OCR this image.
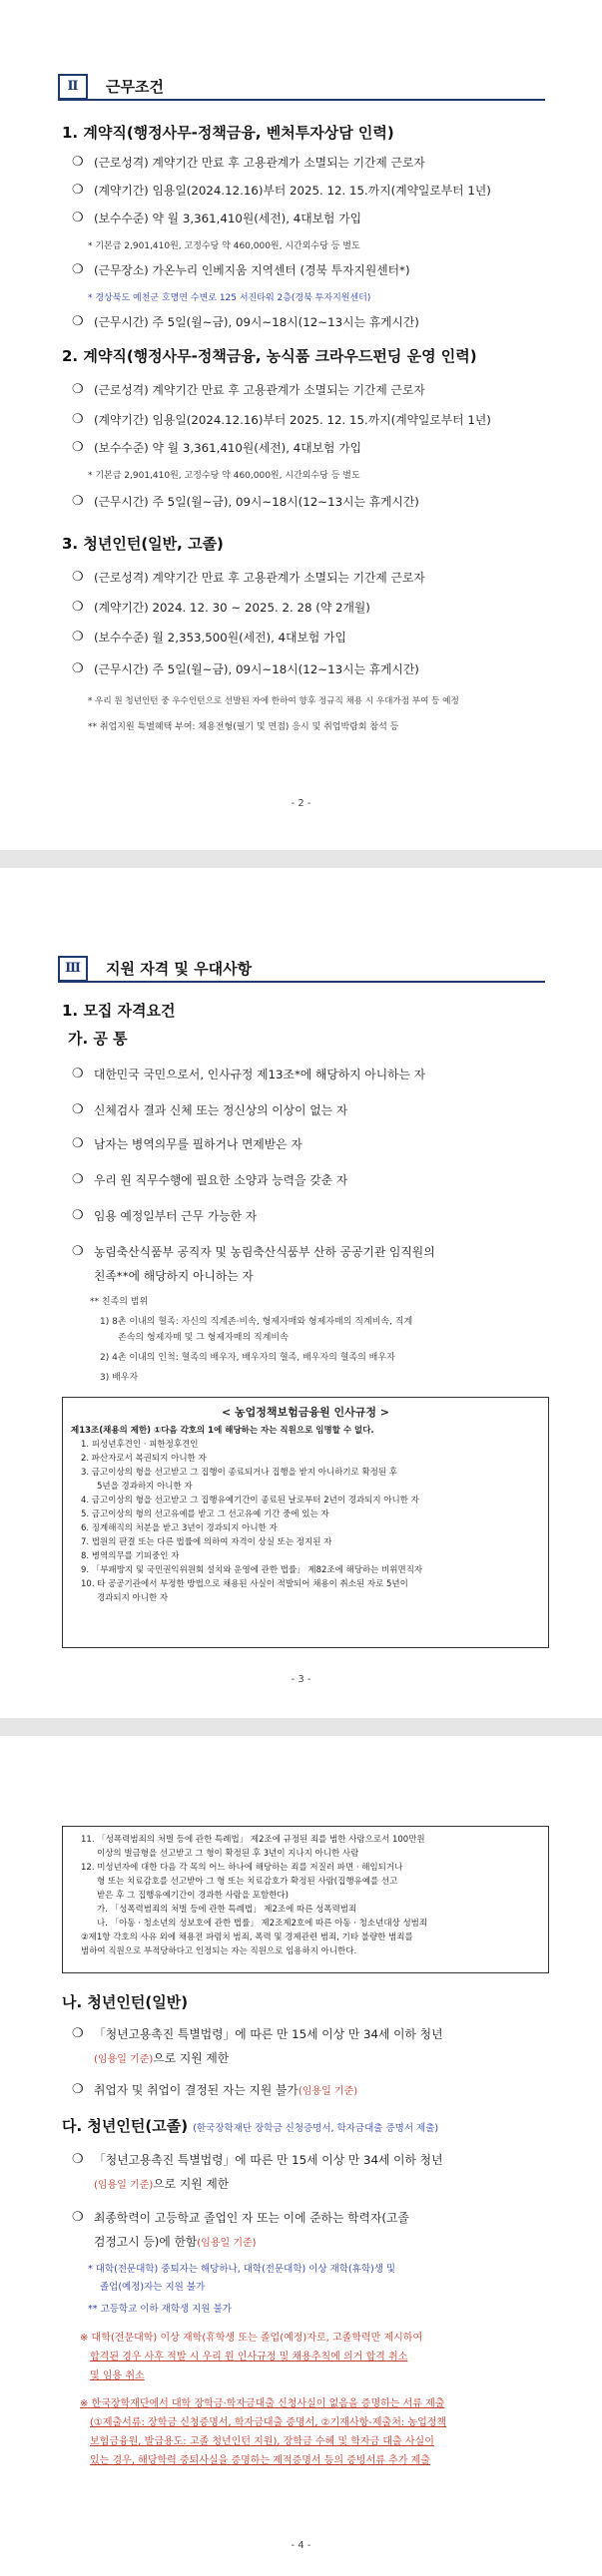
Ⅱ	근무조건
1. 계약직(행정사무-정책금융, 벤처투자상담 인력)
❍ (근로성격) 계약기간 만료 후 고용관계가 소멸되는 기간제 근로자
❍ (계약기간) 임용일(2024.12.16)부터 2025. 12. 15.까지(계약일로부터 1년)
❍ (보수수준) 약 월 3,361,410원(세전), 4대보험 가입
* 기본급 2,901,410원, 고정수당 약 460,000원, 시간외수당 등 별도
❍ (근무장소) 가온누리 인베지움 지역센터 (경북 투자지원센터*)
* 경상북도 예천군 호명면 수변로 125 서진타워 2층(경북 투자지원센터)
❍ (근무시간) 주 5일(월~금), 09시~18시(12~13시는 휴게시간)
2. 계약직(행정사무-정책금융, 농식품 크라우드펀딩 운영 인력)
❍ (근로성격) 계약기간 만료 후 고용관계가 소멸되는 기간제 근로자
❍ (계약기간) 임용일(2024.12.16)부터 2025. 12. 15.까지(계약일로부터 1년)
❍ (보수수준) 약 월 3,361,410원(세전), 4대보험 가입
* 기본급 2,901,410원, 고정수당 약 460,000원, 시간외수당 등 별도
❍ (근무시간) 주 5일(월~금), 09시~18시(12~13시는 휴게시간)
3. 청년인턴(일반, 고졸)
❍ (근로성격) 계약기간 만료 후 고용관계가 소멸되는 기간제 근로자
❍ (계약기간) 2024. 12. 30 ~ 2025. 2. 28 (약 2개월)
❍ (보수수준) 월 2,353,500원(세전), 4대보험 가입
❍ (근무시간) 주 5일(월~금), 09시~18시(12~13시는 휴게시간)
* 우리 원 청년인턴 중 우수인턴으로 선발된 자에 한하여 향후 정규직 채용 시 우대가점 부여 등 예정
** 취업지원 특별혜택 부여: 채용전형(필기 및 면접) 응시 및 취업박람회 참석 등
- 2 -
Ⅲ	지원 자격 및 우대사항
1. 모집 자격요건
가. 공 통
❍ 대한민국 국민으로서, 인사규정 제13조*에 해당하지 아니하는 자
❍ 신체검사 결과 신체 또는 정신상의 이상이 없는 자
❍ 남자는 병역의무를 필하거나 면제받은 자
❍ 우리 원 직무수행에 필요한 소양과 능력을 갖춘 자
❍ 임용 예정일부터 근무 가능한 자
❍ 농림축산식품부 공직자 및 농림축산식품부 산하 공공기관 임직원의
친족**에 해당하지 아니하는 자
** 친족의 범위
1) 8촌 이내의 혈족: 자신의 직계존·비속, 형제자매와 형제자매의 직계비속, 직계
존속의 형제자매 및 그 형제자매의 직계비속
2) 4촌 이내의 인척: 혈족의 배우자, 배우자의 혈족, 배우자의 혈족의 배우자
3) 배우자
< 농업정책보험금융원 인사규정 >
제13조(채용의 제한) ①다음 각호의 1에 해당하는 자는 직원으로 임명할 수 없다.
1. 피성년후견인 · 피한정후견인
2. 파산자로서 복권되지 아니한 자
3. 금고이상의 형을 선고받고 그 집행이 종료되거나 집행을 받지 아니하기로 확정된 후
5년을 경과하지 아니한 자
4. 금고이상의 형을 선고받고 그 집행유예기간이 종료된 날로부터 2년이 경과되지 아니한 자
5. 금고이상의 형의 선고유예를 받고 그 선고유예 기간 중에 있는 자
6. 징계해직의 처분을 받고 3년이 경과되지 아니한 자
7. 법원의 판결 또는 다른 법률에 의하여 자격이 상실 또는 정지된 자
8. 병역의무를 기피중인 자
9. 「부패방지 및 국민권익위원회 설치와 운영에 관한 법률」 제82조에 해당하는 비위면직자
10. 타 공공기관에서 부정한 방법으로 채용된 사실이 적발되어 채용이 취소된 자로 5년이
경과되지 아니한 자
- 3 -
11. 「성폭력범죄의 처벌 등에 관한 특례법」 제2조에 규정된 죄를 범한 사람으로서 100만원
이상의 벌금형을 선고받고 그 형이 확정된 후 3년이 지나지 아니한 사람
12. 미성년자에 대한 다음 각 목의 어느 하나에 해당하는 죄를 저질러 파면 · 해임되거나
형 또는 치료감호를 선고받아 그 형 또는 치료감호가 확정된 사람(집행유예를 선고
받은 후 그 집행유예기간이 경과한 사람을 포함한다)
가. 「성폭력범죄의 처벌 등에 관한 특례법」 제2조에 따른 성폭력범죄
나. 「아동 · 청소년의 성보호에 관한 법률」 제2조제2호에 따른 아동 · 청소년대상 성범죄
②제1항 각호의 사유 외에 채용전 파렴치 범죄, 폭력 및 경제관련 범죄, 기타 불량한 범죄를
범하여 직원으로 부적당하다고 인정되는 자는 직원으로 임용하지 아니한다.
나. 청년인턴(일반)
❍ 「청년고용촉진 특별법령」에 따른 만 15세 이상 만 34세 이하 청년
(임용일 기준)으로 지원 제한
❍ 취업자 및 취업이 결정된 자는 지원 불가(임용일 기준)
다. 청년인턴(고졸) (한국장학재단 장학금 신청증명서, 학자금대출 증명서 제출)
❍ 「청년고용촉진 특별법령」에 따른 만 15세 이상 만 34세 이하 청년
(임용일 기준)으로 지원 제한
❍ 최종학력이 고등학교 졸업인 자 또는 이에 준하는 학력자(고졸
검정고시 등)에 한함(임용일 기준)
* 대학(전문대학) 중퇴자는 해당하나, 대학(전문대학) 이상 재학(휴학)생 및
졸업(예정)자는 지원 불가
** 고등학교 이하 재학생 지원 불가
※ 대학(전문대학) 이상 재학(휴학생 또는 졸업(예정)자로, 고졸학력만 제시하여
합격된 경우 사후 적발 시 우리 원 인사규정 및 채용추칙에 의거 합격 취소
및 임용 취소
※ 한국장학재단에서 대학 장학금·학자금대출 신청사실이 없음을 증명하는 서류 제출
(①제출서류: 장학금 신청증명서, 학자금대출 증명서, ②기재사항-제출처: 농업정책
보험금융원, 발급용도: 고졸 청년인턴 지원), 장학금 수혜 및 학자금 대출 사실이
있는 경우, 해당학력 중퇴사실을 증명하는 제적증명서 등의 증빙서류 추가 제출
- 4 -
